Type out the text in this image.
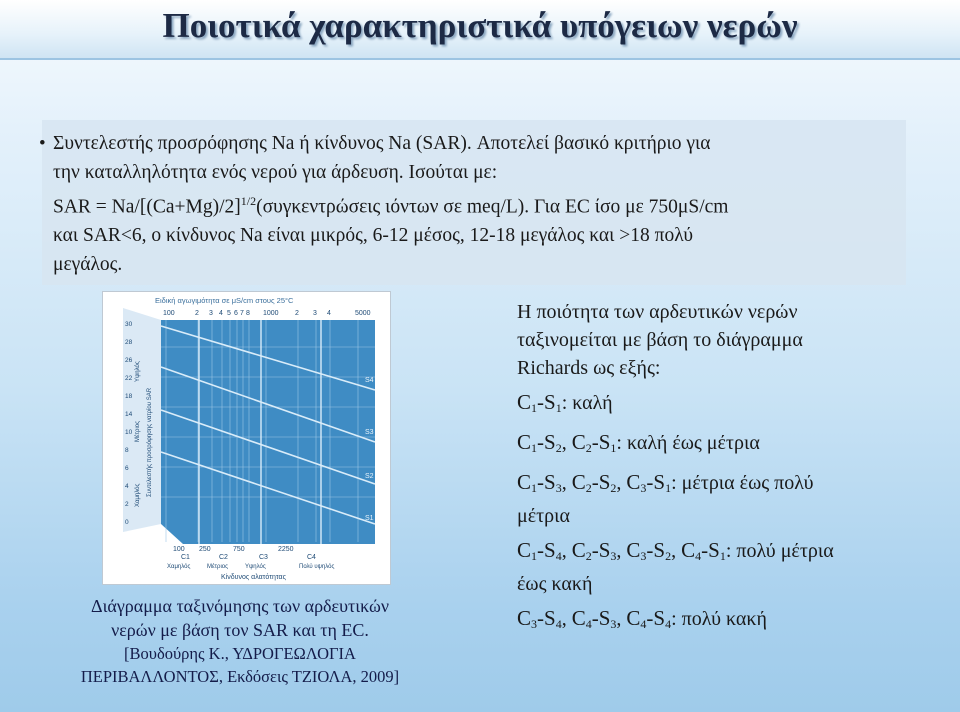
Ποιοτικά χαρακτηριστικά υπόγειων νερών
• Συντελεστής προσρόφησης Na ή κίνδυνος Na (SAR). Αποτελεί βασικό κριτήριο για
την καταλληλότητα ενός νερού για άρδευση. Ισούται με:
SAR = $Na/[(Ca+Mg)/2]^{1/2}(\sigma\upsilon\gamma\kappa\varepsilon\nu\tau\rho ώ\sigma\varepsilon\iota\varsigma$ ιόντων σε meq/L). Για EC ίσο με 750μS/cm
και SAR<6, ο κίνδυνος Na είναι μικρός, 6-12 μέσος, 12-18 μεγάλος και >18 πολύ
μεγάλος.
Ειδική αγωγιμότητα σε μS/cm στους 25°C
100	2 3 4 5 6 7 8 1000 2 3 4	5000
30
28
26
22
18
14
10
8
6
4
2
0
Υψηλός
Μέτριος
Χαμηλός Συντελεστής προσρόφησης νατρίου SAR
100 250	750	2250
C1	C2	C3	C4
Χαμηλός	Μέτριος	Υψηλός	Πολύ υψηλός
Κίνδυνος αλατότητας
S1
S2
S3
S4
Διάγραμμα ταξινόμησης των αρδευτικών
νερών με βάση τον SAR και τη EC.
[Βουδούρης Κ., ΥΔΡΟΓΕΩΛΟΓΙΑ
ΠΕΡΙΒΑΛΛΟΝΤΟΣ, Εκδόσεις ΤΖΙΟΛΑ, 2009]
Η ποιότητα των αρδευτικών νερών
ταξινομείται με βάση το διάγραμμα
Richards ως εξής:
$C_1-S_1$: καλή
$C_1-S_2$, $C_2-S_1$: καλή έως μέτρια
$C_1-S_3$, $C_2-S_2$, $C_3-S_1$: μέτρια έως πολύ
μέτρια
$C_1-S_4$, $C_2-S_3$, $C_3-S_2$, $C_4-S_1$: πολύ μέτρια
έως κακή
$C_3-S_4$, $C_4-S_3$, $C_4-S_4$: πολύ κακή
